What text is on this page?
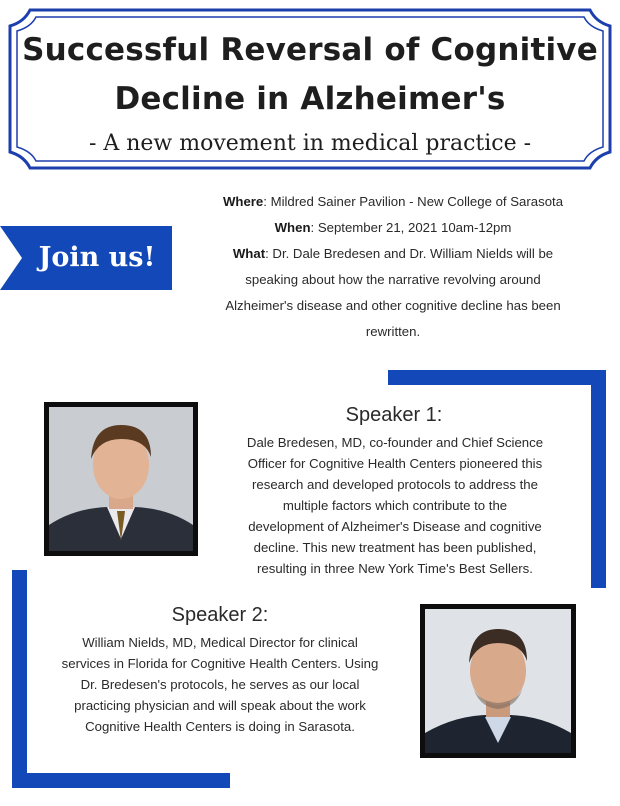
Successful Reversal of Cognitive
Decline in Alzheimer's
- A new movement in medical practice -
Join us!
Where: Mildred Sainer Pavilion - New College of Sarasota
When: September 21, 2021 10am-12pm
What: Dr. Dale Bredesen and Dr. William Nields will be
speaking about how the narrative revolving around
Alzheimer's disease and other cognitive decline has been
rewritten.
Speaker 1:
Dale Bredesen, MD, co-founder and Chief Science
Officer for Cognitive Health Centers pioneered this
research and developed protocols to address the
multiple factors which contribute to the
development of Alzheimer's Disease and cognitive
decline. This new treatment has been published,
resulting in three New York Time's Best Sellers.
Speaker 2:
William Nields, MD, Medical Director for clinical
services in Florida for Cognitive Health Centers. Using
Dr. Bredesen's protocols, he serves as our local
practicing physician and will speak about the work
Cognitive Health Centers is doing in Sarasota.
